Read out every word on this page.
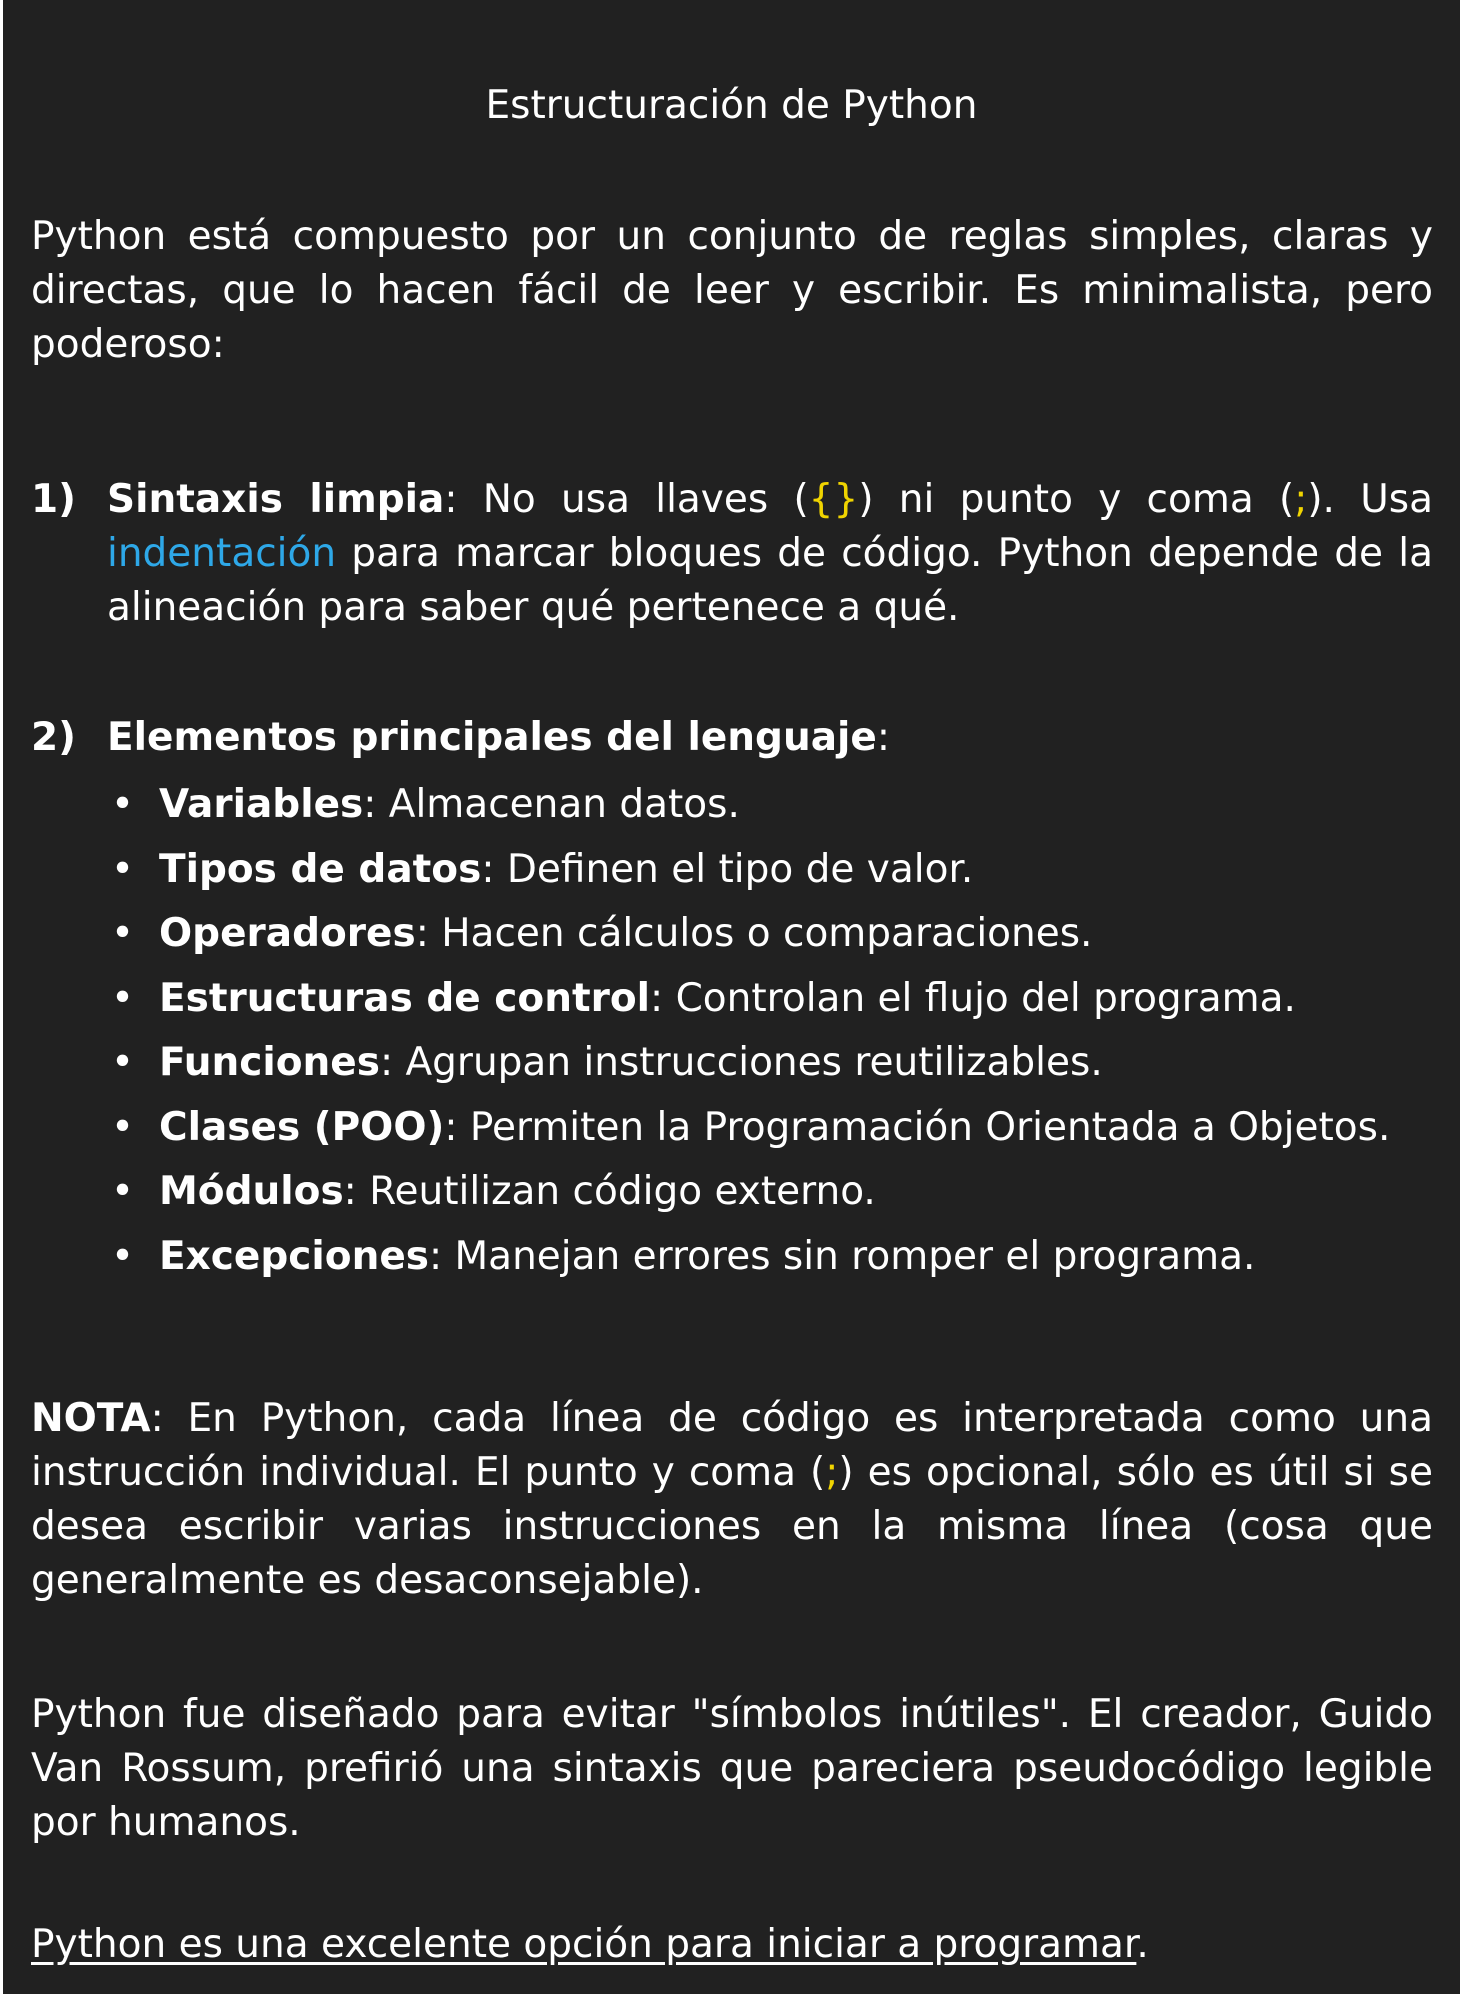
Estructuración de Python
Python está compuesto por un conjunto de reglas simples, claras y directas, que lo hacen fácil de leer y escribir. Es minimalista, pero poderoso:
1) Sintaxis limpia: No usa llaves ({}) ni punto y coma (;). Usa indentación para marcar bloques de código. Python depende de la alineación para saber qué pertenece a qué.
2) Elementos principales del lenguaje:
• Variables: Almacenan datos.
• Tipos de datos: Definen el tipo de valor.
• Operadores: Hacen cálculos o comparaciones.
• Estructuras de control: Controlan el flujo del programa.
• Funciones: Agrupan instrucciones reutilizables.
• Clases (POO): Permiten la Programación Orientada a Objetos.
• Módulos: Reutilizan código externo.
• Excepciones: Manejan errores sin romper el programa.
NOTA: En Python, cada línea de código es interpretada como una instrucción individual. El punto y coma (;) es opcional, sólo es útil si se desea escribir varias instrucciones en la misma línea (cosa que generalmente es desaconsejable).
Python fue diseñado para evitar "símbolos inútiles". El creador, Guido Van Rossum, prefirió una sintaxis que pareciera pseudocódigo legible por humanos.
Python es una excelente opción para iniciar a programar.
